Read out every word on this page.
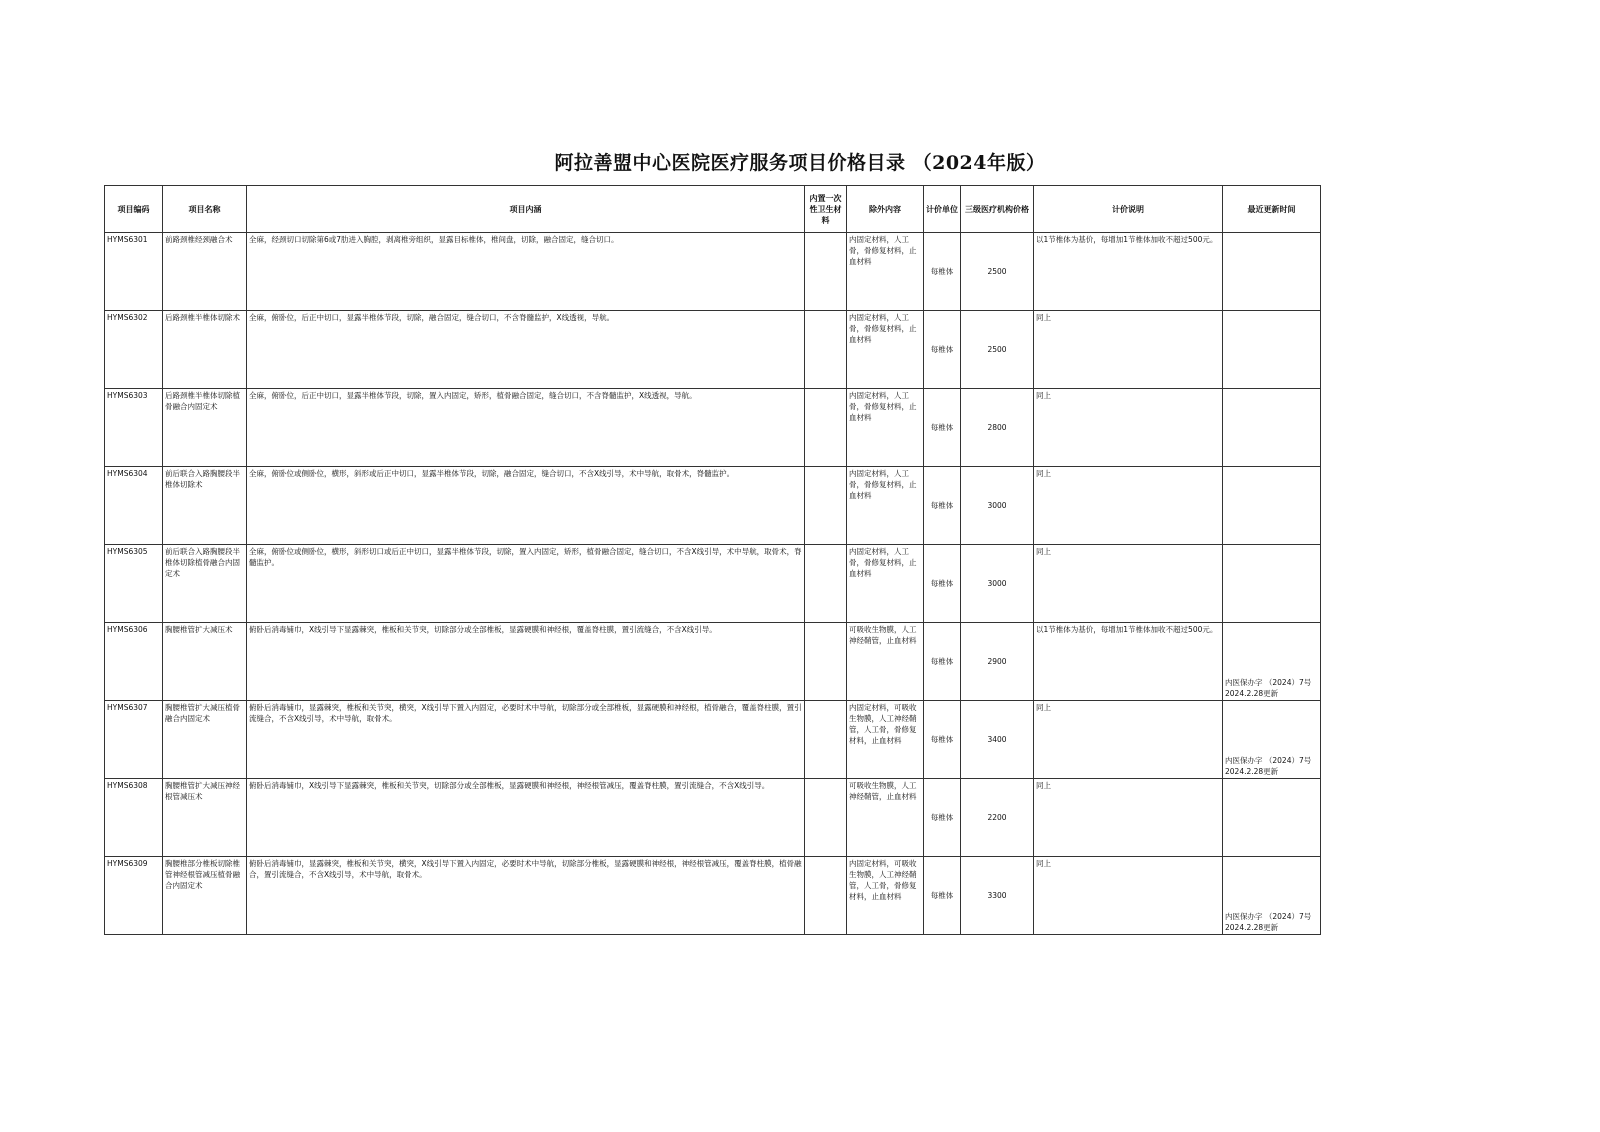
阿拉善盟中心医院医疗服务项目价格目录 （2024年版）
项目编码	项目名称	项目内涵	内置一次性卫生材料	除外内容	计价单位	三级医疗机构价格	计价说明	最近更新时间
HYMS6301	前路颈椎经颈融合术	全麻，经颈切口切除第6或7肋进入胸腔，剥离椎旁组织，显露目标椎体，椎间盘，切除，融合固定，缝合切口。		内固定材料，人工骨，骨修复材料，止血材料	每椎体	2500	以1节椎体为基价，每增加1节椎体加收不超过500元。	
HYMS6302	后路颈椎半椎体切除术	全麻，俯卧位，后正中切口，显露半椎体节段，切除，融合固定，缝合切口，不含脊髓监护，X线透视，导航。		内固定材料，人工骨，骨修复材料，止血材料	每椎体	2500	同上	
HYMS6303	后路颈椎半椎体切除植骨融合内固定术	全麻，俯卧位，后正中切口，显露半椎体节段，切除，置入内固定，矫形，植骨融合固定，缝合切口，不含脊髓监护，X线透视，导航。		内固定材料，人工骨，骨修复材料，止血材料	每椎体	2800	同上	
HYMS6304	前后联合入路胸腰段半椎体切除术	全麻，俯卧位或侧卧位，横形，斜形或后正中切口，显露半椎体节段，切除，融合固定，缝合切口，不含X线引导，术中导航，取骨术，脊髓监护。		内固定材料，人工骨，骨修复材料，止血材料	每椎体	3000	同上	
HYMS6305	前后联合入路胸腰段半椎体切除植骨融合内固定术	全麻，俯卧位或侧卧位，横形，斜形切口或后正中切口，显露半椎体节段，切除，置入内固定，矫形，植骨融合固定，缝合切口，不含X线引导，术中导航，取骨术，脊髓监护。		内固定材料，人工骨，骨修复材料，止血材料	每椎体	3000	同上	
HYMS6306	胸腰椎管扩大减压术	俯卧后消毒铺巾，X线引导下显露棘突，椎板和关节突，切除部分或全部椎板，显露硬膜和神经根，覆盖脊柱膜，置引流缝合，不含X线引导。		可吸收生物膜，人工神经鞘管，止血材料	每椎体	2900	以1节椎体为基价，每增加1节椎体加收不超过500元。	内医保办字 （2024）7号 2024.2.28更新
HYMS6307	胸腰椎管扩大减压植骨融合内固定术	俯卧后消毒铺巾，显露棘突，椎板和关节突，横突，X线引导下置入内固定，必要时术中导航，切除部分或全部椎板，显露硬膜和神经根，植骨融合，覆盖脊柱膜，置引流缝合，不含X线引导，术中导航，取骨术。		内固定材料，可吸收生物膜，人工神经鞘管，人工骨，骨修复材料，止血材料	每椎体	3400	同上	内医保办字 （2024）7号 2024.2.28更新
HYMS6308	胸腰椎管扩大减压神经根管减压术	俯卧后消毒铺巾，X线引导下显露棘突，椎板和关节突，切除部分或全部椎板，显露硬膜和神经根，神经根管减压，覆盖脊柱膜，置引流缝合，不含X线引导。		可吸收生物膜，人工神经鞘管，止血材料	每椎体	2200	同上	
HYMS6309	胸腰椎部分椎板切除椎管神经根管减压植骨融合内固定术	俯卧后消毒铺巾，显露棘突，椎板和关节突，横突，X线引导下置入内固定，必要时术中导航，切除部分椎板，显露硬膜和神经根，神经根管减压，覆盖脊柱膜，植骨融合，置引流缝合，不含X线引导，术中导航，取骨术。		内固定材料，可吸收生物膜，人工神经鞘管，人工骨，骨修复材料，止血材料	每椎体	3300	同上	内医保办字 （2024）7号 2024.2.28更新
